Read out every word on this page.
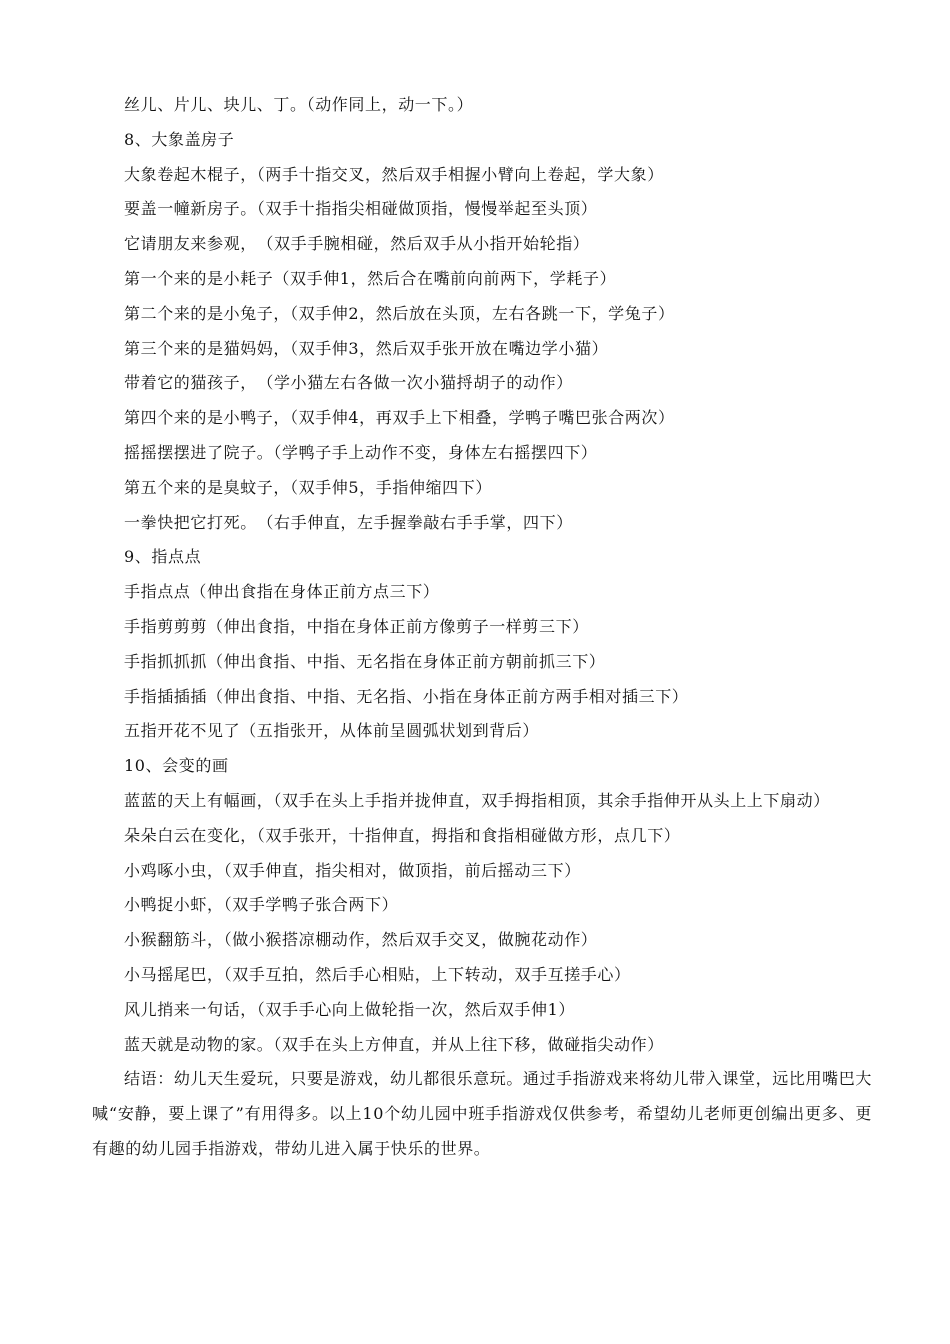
丝儿、片儿、块儿、丁。（动作同上，动一下。）
8、大象盖房子
大象卷起木棍子，（两手十指交叉，然后双手相握小臂向上卷起，学大象）
要盖一幢新房子。（双手十指指尖相碰做顶指，慢慢举起至头顶）
它请朋友来参观，　（双手手腕相碰，然后双手从小指开始轮指）
第一个来的是小耗子（双手伸1，然后合在嘴前向前两下，学耗子）
第二个来的是小兔子，（双手伸2，然后放在头顶，左右各跳一下，学兔子）
第三个来的是猫妈妈，（双手伸3，然后双手张开放在嘴边学小猫）
带着它的猫孩子，　（学小猫左右各做一次小猫捋胡子的动作）
第四个来的是小鸭子，（双手伸4，再双手上下相叠，学鸭子嘴巴张合两次）
摇摇摆摆进了院子。（学鸭子手上动作不变，身体左右摇摆四下）
第五个来的是臭蚊子，（双手伸5，手指伸缩四下）
一拳快把它打死。　（右手伸直，左手握拳敲右手手掌，四下）
9、指点点
手指点点（伸出食指在身体正前方点三下）
手指剪剪剪（伸出食指，中指在身体正前方像剪子一样剪三下）
手指抓抓抓（伸出食指、中指、无名指在身体正前方朝前抓三下）
手指插插插（伸出食指、中指、无名指、小指在身体正前方两手相对插三下）
五指开花不见了（五指张开，从体前呈圆弧状划到背后）
10、会变的画

蓝蓝的天上有幅画，（双手在头上手指并拢伸直，双手拇指相顶，其余手指伸开从头上上下扇动）

朵朵白云在变化，（双手张开，十指伸直，拇指和食指相碰做方形，点几下）
小鸡啄小虫，（双手伸直，指尖相对，做顶指，前后摇动三下）
小鸭捉小虾，（双手学鸭子张合两下）
小猴翻筋斗，（做小猴搭凉棚动作，然后双手交叉，做腕花动作）
小马摇尾巴，（双手互拍，然后手心相贴，上下转动，双手互搓手心）
风儿捎来一句话，（双手手心向上做轮指一次，然后双手伸1）
蓝天就是动物的家。（双手在头上方伸直，并从上往下移，做碰指尖动作）

结语：幼儿天生爱玩，只要是游戏，幼儿都很乐意玩。通过手指游戏来将幼儿带入课堂，远比用嘴巴大喊“安静，要上课了”有用得多。以上10个幼儿园中班手指游戏仅供参考，希望幼儿老师更创编出更多、更有趣的幼儿园手指游戏，带幼儿进入属于快乐的世界。
